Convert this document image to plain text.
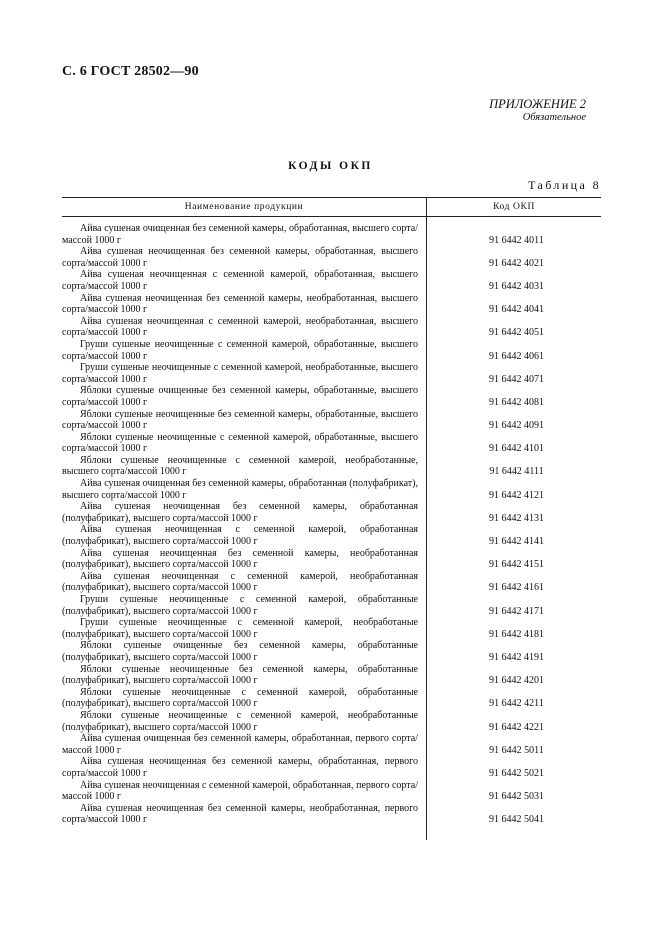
С. 6 ГОСТ 28502—90
ПРИЛОЖЕНИЕ 2
Обязательное
КОДЫ ОКП
Таблица 8
Наименование продукции	Код ОКП
Айва сушеная очищенная без семенной камеры, обработанная, высшего сорта/массой 1000 г	91 6442 4011
Айва сушеная неочищенная без семенной камеры, обработанная, высшего сорта/массой 1000 г	91 6442 4021
Айва сушеная неочищенная с семенной камерой, обработанная, высшего сорта/массой 1000 г	91 6442 4031
Айва сушеная неочищенная без семенной камеры, необработанная, высшего сорта/массой 1000 г	91 6442 4041
Айва сушеная неочищенная с семенной камерой, необработанная, высшего сорта/массой 1000 г	91 6442 4051
Груши сушеные неочищенные с семенной камерой, обработанные, высшего сорта/массой 1000 г	91 6442 4061
Груши сушеные неочищенные с семенной камерой, необработанные, высшего сорта/массой 1000 г	91 6442 4071
Яблоки сушеные очищенные без семенной камеры, обработанные, высшего сорта/массой 1000 г	91 6442 4081
Яблоки сушеные неочищенные без семенной камеры, обработанные, высшего сорта/массой 1000 г	91 6442 4091
Яблоки сушеные неочищенные с семенной камерой, обработанные, высшего сорта/массой 1000 г	91 6442 4101
Яблоки сушеные неочищенные с семенной камерой, необработанные, высшего сорта/массой 1000 г	91 6442 4111
Айва сушеная очищенная без семенной камеры, обработанная (полуфабрикат), высшего сорта/массой 1000 г	91 6442 4121
Айва сушеная неочищенная без семенной камеры, обработанная (полуфабрикат), высшего сорта/массой 1000 г	91 6442 4131
Айва сушеная неочищенная с семенной камерой, обработанная (полуфабрикат), высшего сорта/массой 1000 г	91 6442 4141
Айва сушеная неочищенная без семенной камеры, необработанная (полуфабрикат), высшего сорта/массой 1000 г	91 6442 4151
Айва сушеная неочищенная с семенной камерой, необработанная (полуфабрикат), высшего сорта/массой 1000 г	91 6442 4161
Груши сушеные неочищенные с семенной камерой, обработанные (полуфабрикат), высшего сорта/массой 1000 г	91 6442 4171
Груши сушеные неочищенные с семенной камерой, необработаные (полуфабрикат), высшего сорта/массой 1000 г	91 6442 4181
Яблоки сушеные очищенные без семенной камеры, обработанные (полуфабрикат), высшего сорта/массой 1000 г	91 6442 4191
Яблоки сушеные неочищенные без семенной камеры, обработанные (полуфабрикат), высшего сорта/массой 1000 г	91 6442 4201
Яблоки сушеные неочищенные с семенной камерой, обработанные (полуфабрикат), высшего сорта/массой 1000 г	91 6442 4211
Яблоки сушеные неочищенные с семенной камерой, необработанные (полуфабрикат), высшего сорта/массой 1000 г	91 6442 4221
Айва сушеная очищенная без семенной камеры, обработанная, первого сорта/массой 1000 г	91 6442 5011
Айва сушеная неочищенная без семенной камеры, обработанная, первого сорта/массой 1000 г	91 6442 5021
Айва сушеная неочищенная с семенной камерой, обработанная, первого сорта/массой 1000 г	91 6442 5031
Айва сушеная неочищенная без семенной камеры, необработанная, первого сорта/массой 1000 г	91 6442 5041
